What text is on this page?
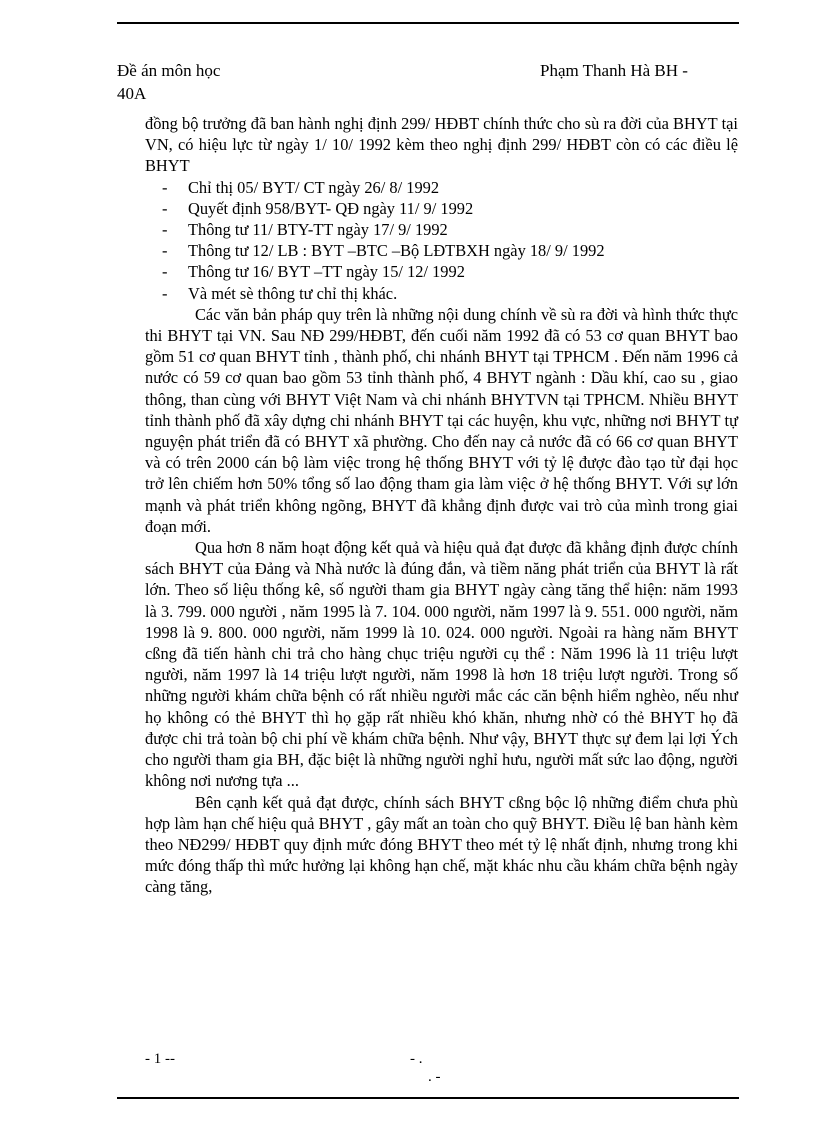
Đề án môn học	Phạm Thanh Hà BH -
40A

đồng bộ trưởng đã ban hành nghị định 299/ HĐBT chính thức cho sù ra đời của BHYT tại VN, có hiệu lực từ ngày 1/ 10/ 1992 kèm theo nghị định 299/ HĐBT còn có các điều lệ BHYT

- Chỉ thị 05/ BYT/ CT ngày 26/ 8/ 1992
- Quyết định 958/BYT- QĐ ngày 11/ 9/ 1992
- Thông tư 11/ BTY-TT ngày 17/ 9/ 1992
- Thông tư 12/ LB : BYT –BTC –Bộ LĐTBXH ngày 18/ 9/ 1992
- Thông tư 16/ BYT –TT ngày 15/ 12/ 1992
- Và mét sè thông tư chỉ thị khác.

Các văn bản pháp quy trên là những nội dung chính về sù ra đời và hình thức thực thi BHYT tại VN. Sau NĐ 299/HĐBT, đến cuối năm 1992 đã có 53 cơ quan BHYT bao gồm 51 cơ quan BHYT tỉnh , thành phố, chi nhánh BHYT tại TPHCM . Đến năm 1996 cả nước có 59 cơ quan bao gồm 53 tỉnh thành phố, 4 BHYT ngành : Dầu khí, cao su , giao thông, than cùng với BHYT Việt Nam và chi nhánh BHYTVN tại TPHCM. Nhiều BHYT tỉnh thành phố đã xây dựng chi nhánh BHYT tại các huyện, khu vực, những nơi BHYT tự nguyện phát triển đã có BHYT xã phường. Cho đến nay cả nước đã có 66 cơ quan BHYT và có trên 2000 cán bộ làm việc trong hệ thống BHYT với tỷ lệ được đào tạo từ đại học trở lên chiếm hơn 50% tổng số lao động tham gia làm việc ở hệ thống BHYT. Với sự lớn mạnh và phát triển không ngõng, BHYT đã khẳng định được vai trò của mình trong giai đoạn mới.

Qua hơn 8 năm hoạt động kết quả và hiệu quả đạt được đã khẳng định được chính sách BHYT của Đảng và Nhà nước là đúng đắn, và tiềm năng phát triển của BHYT là rất lớn. Theo số liệu thống kê, số người tham gia BHYT ngày càng tăng thể hiện: năm 1993 là 3. 799. 000 người , năm 1995 là 7. 104. 000 người, năm 1997 là 9. 551. 000 người, năm 1998 là 9. 800. 000 người, năm 1999 là 10. 024. 000 người. Ngoài ra hàng năm BHYT cßng đã tiến hành chi trả cho hàng chục triệu người cụ thể : Năm 1996 là 11 triệu lượt người, năm 1997 là 14 triệu lượt người, năm 1998 là hơn 18 triệu lượt người. Trong số những người khám chữa bệnh có rất nhiều người mắc các căn bệnh hiểm nghèo, nếu như họ không có thẻ BHYT thì họ gặp rất nhiều khó khăn, nhưng nhờ có thẻ BHYT họ đã được chi trả toàn bộ chi phí về khám chữa bệnh. Như vậy, BHYT thực sự đem lại lợi Ých cho người tham gia BH, đặc biệt là những người nghỉ hưu, người mất sức lao động, người không nơi nương tựa ...

Bên cạnh kết quả đạt được, chính sách BHYT cßng bộc lộ những điểm chưa phù hợp làm hạn chế hiệu quả BHYT , gây mất an toàn cho quỹ BHYT. Điều lệ ban hành kèm theo NĐ299/ HĐBT quy định mức đóng BHYT theo mét tỷ lệ nhất định, nhưng trong khi mức đóng thấp thì mức hưởng lại không hạn chế, mặt khác nhu cầu khám chữa bệnh ngày càng tăng,

- 1 --	- .
. -
